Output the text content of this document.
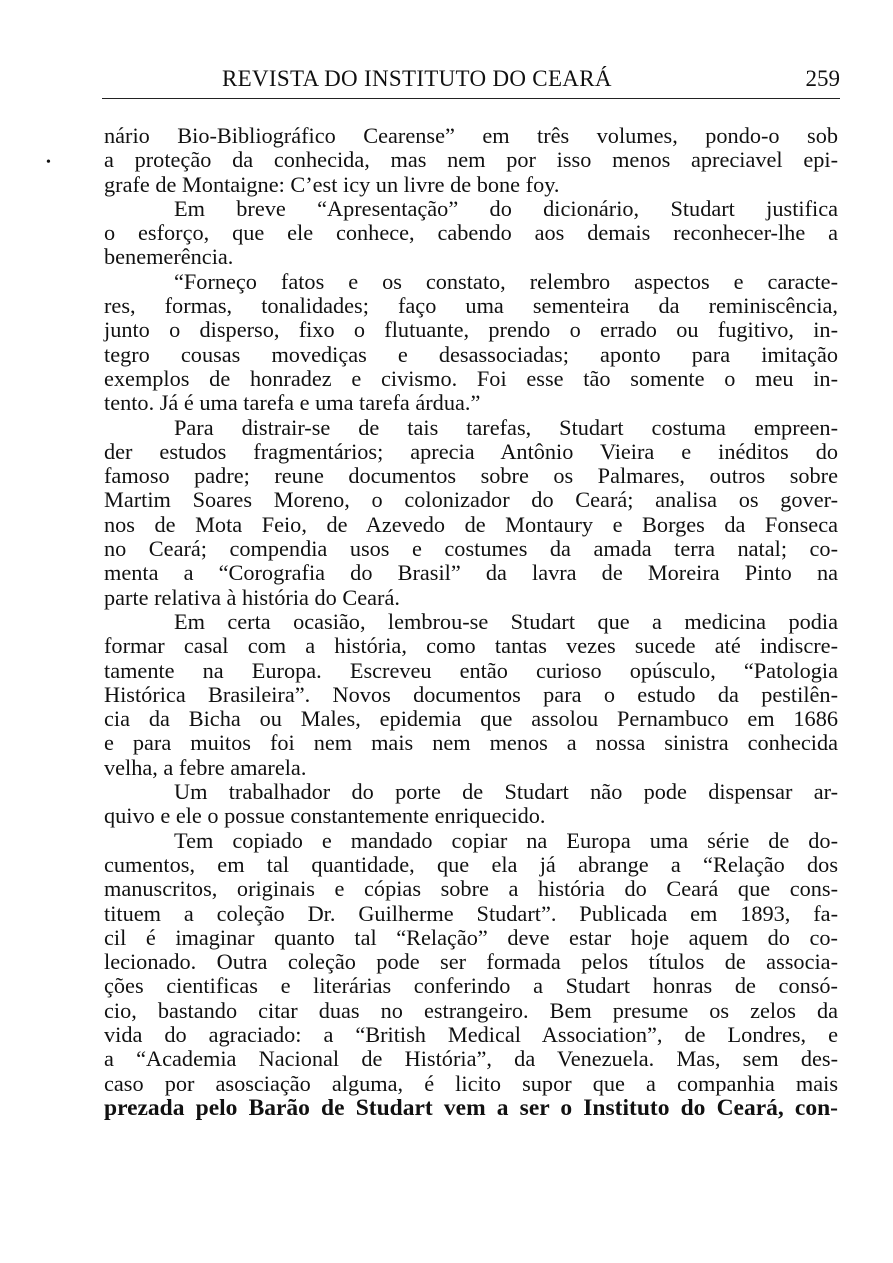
REVISTA DO INSTITUTO DO CEARÁ	259
•
nário Bio-Bibliográfico Cearense” em três volumes, pondo-o sob
a proteção da conhecida, mas nem por isso menos apreciavel epi-
grafe de Montaigne: C’est icy un livre de bone foy.
Em breve “Apresentação” do dicionário, Studart justifica
o esforço, que ele conhece, cabendo aos demais reconhecer-lhe a
benemerência.
“Forneço fatos e os constato, relembro aspectos e caracte-
res, formas, tonalidades; faço uma sementeira da reminiscência,
junto o disperso, fixo o flutuante, prendo o errado ou fugitivo, in-
tegro cousas movediças e desassociadas; aponto para imitação
exemplos de honradez e civismo. Foi esse tão somente o meu in-
tento. Já é uma tarefa e uma tarefa árdua.”
Para distrair-se de tais tarefas, Studart costuma empreen-
der estudos fragmentários; aprecia Antônio Vieira e inéditos do
famoso padre; reune documentos sobre os Palmares, outros sobre
Martim Soares Moreno, o colonizador do Ceará; analisa os gover-
nos de Mota Feio, de Azevedo de Montaury e Borges da Fonseca
no Ceará; compendia usos e costumes da amada terra natal; co-
menta a “Corografia do Brasil” da lavra de Moreira Pinto na
parte relativa à história do Ceará.
Em certa ocasião, lembrou-se Studart que a medicina podia
formar casal com a história, como tantas vezes sucede até indiscre-
tamente na Europa. Escreveu então curioso opúsculo, “Patologia
Histórica Brasileira”. Novos documentos para o estudo da pestilên-
cia da Bicha ou Males, epidemia que assolou Pernambuco em 1686
e para muitos foi nem mais nem menos a nossa sinistra conhecida
velha, a febre amarela.
Um trabalhador do porte de Studart não pode dispensar ar-
quivo e ele o possue constantemente enriquecido.
Tem copiado e mandado copiar na Europa uma série de do-
cumentos, em tal quantidade, que ela já abrange a “Relação dos
manuscritos, originais e cópias sobre a história do Ceará que cons-
tituem a coleção Dr. Guilherme Studart”. Publicada em 1893, fa-
cil é imaginar quanto tal “Relação” deve estar hoje aquem do co-
lecionado. Outra coleção pode ser formada pelos títulos de associa-
ções cientificas e literárias conferindo a Studart honras de consó-
cio, bastando citar duas no estrangeiro. Bem presume os zelos da
vida do agraciado: a “British Medical Association”, de Londres, e
a “Academia Nacional de História”, da Venezuela. Mas, sem des-
caso por asosciação alguma, é licito supor que a companhia mais
prezada pelo Barão de Studart vem a ser o Instituto do Ceará, con-
